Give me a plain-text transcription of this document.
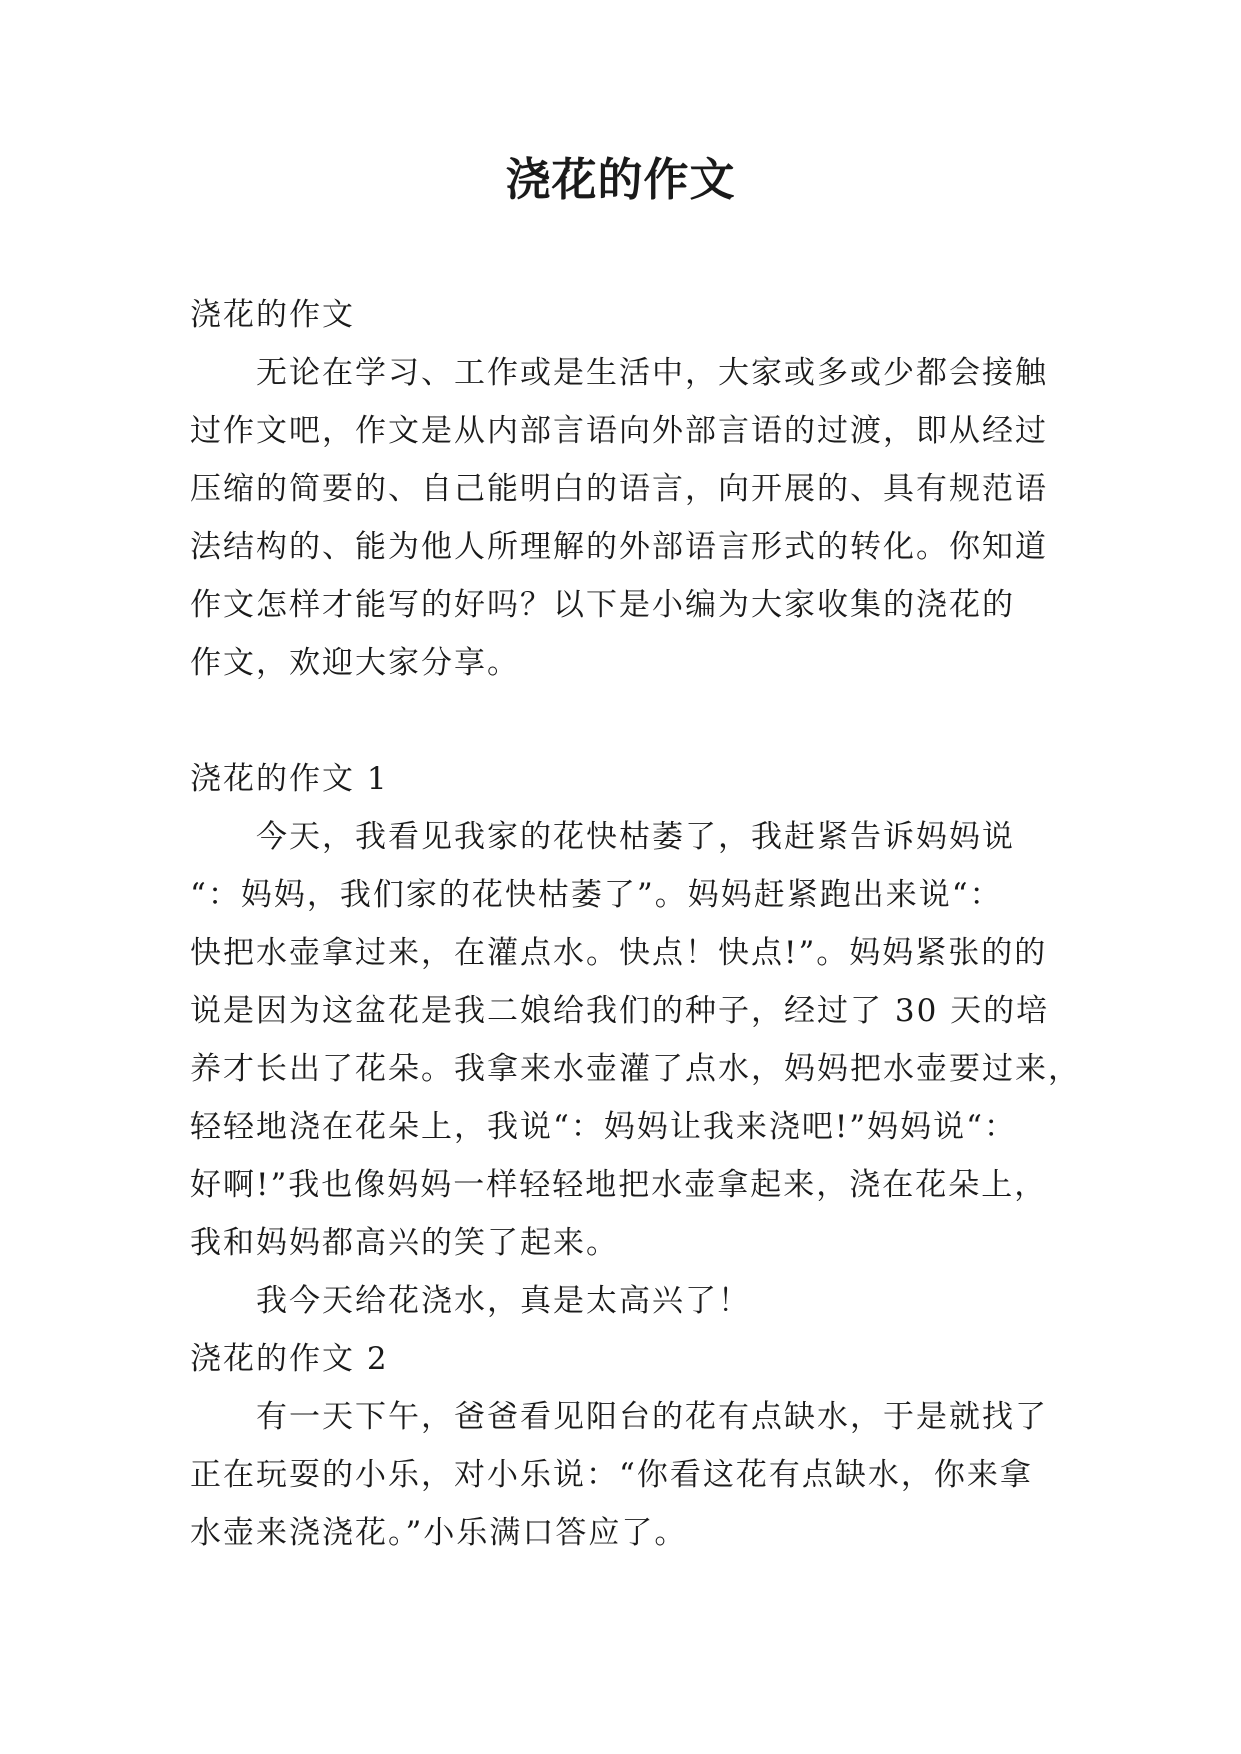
浇花的作文

浇花的作文

无论在学习、工作或是生活中，大家或多或少都会接触

过作文吧，作文是从内部言语向外部言语的过渡，即从经过

压缩的简要的、自己能明白的语言，向开展的、具有规范语

法结构的、能为他人所理解的外部语言形式的转化。你知道

作文怎样才能写的好吗？以下是小编为大家收集的浇花的

作文，欢迎大家分享。

浇花的作文 1

今天，我看见我家的花快枯萎了，我赶紧告诉妈妈说

“：妈妈，我们家的花快枯萎了”。妈妈赶紧跑出来说“：

快把水壶拿过来，在灌点水。快点！快点!”。妈妈紧张的的

说是因为这盆花是我二娘给我们的种子，经过了 30 天的培

养才长出了花朵。我拿来水壶灌了点水，妈妈把水壶要过来，

轻轻地浇在花朵上，我说“：妈妈让我来浇吧!”妈妈说“：

好啊!”我也像妈妈一样轻轻地把水壶拿起来，浇在花朵上，

我和妈妈都高兴的笑了起来。

我今天给花浇水，真是太高兴了！

浇花的作文 2

有一天下午，爸爸看见阳台的花有点缺水，于是就找了

正在玩耍的小乐，对小乐说：“你看这花有点缺水，你来拿

水壶来浇浇花。”小乐满口答应了。
